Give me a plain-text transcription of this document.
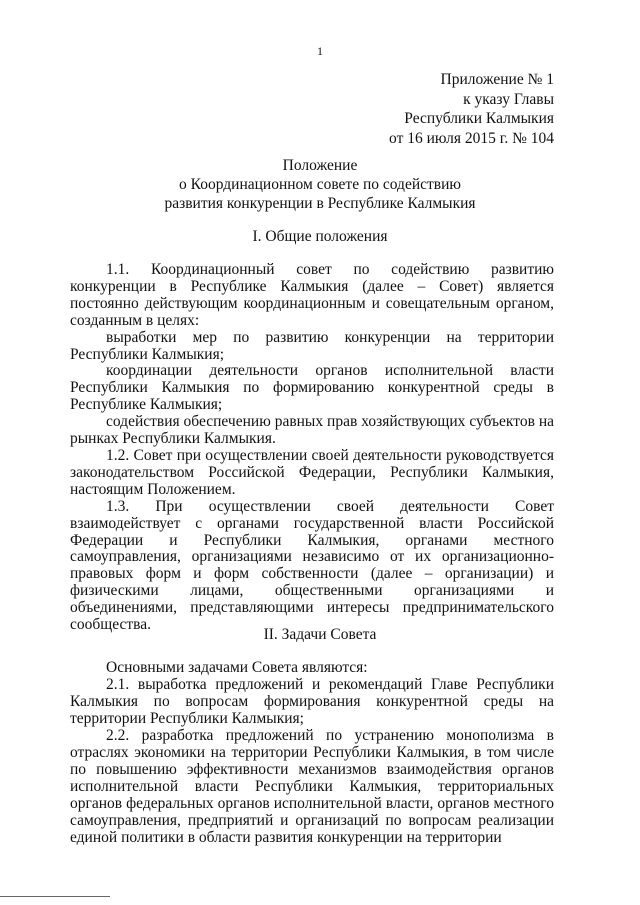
1
Приложение № 1
к указу Главы
Республики Калмыкия
от 16 июля 2015 г. № 104
Положение
о Координационном совете по содействию
развития конкуренции в Республике Калмыкия
I. Общие положения

1.1. Координационный совет по содействию развитию конкуренции в Республике Калмыкия (далее – Совет) является постоянно действующим координационным и совещательным органом, созданным в целях:

выработки мер по развитию конкуренции на территории Республики Калмыкия;

координации деятельности органов исполнительной власти Республики Калмыкия по формированию конкурентной среды в Республике Калмыкия;

содействия обеспечению равных прав хозяйствующих субъектов на рынках Республики Калмыкия.

1.2. Совет при осуществлении своей деятельности руководствуется законодательством Российской Федерации, Республики Калмыкия, настоящим Положением.

1.3. При осуществлении своей деятельности Совет взаимодействует с органами государственной власти Российской Федерации и Республики Калмыкия, органами местного самоуправления, организациями независимо от их организационно-правовых форм и форм собственности (далее – организации) и физическими лицами, общественными организациями и объединениями, представляющими интересы предпринимательского сообщества.

II. Задачи Совета

Основными задачами Совета являются:

2.1. выработка предложений и рекомендаций Главе Республики Калмыкия по вопросам формирования конкурентной среды на территории Республики Калмыкия;

2.2. разработка предложений по устранению монополизма в отраслях экономики на территории Республики Калмыкия, в том числе по повышению эффективности механизмов взаимодействия органов исполнительной власти Республики Калмыкия, территориальных органов федеральных органов исполнительной власти, органов местного самоуправления, предприятий и организаций по вопросам реализации единой политики в области развития конкуренции на территории
